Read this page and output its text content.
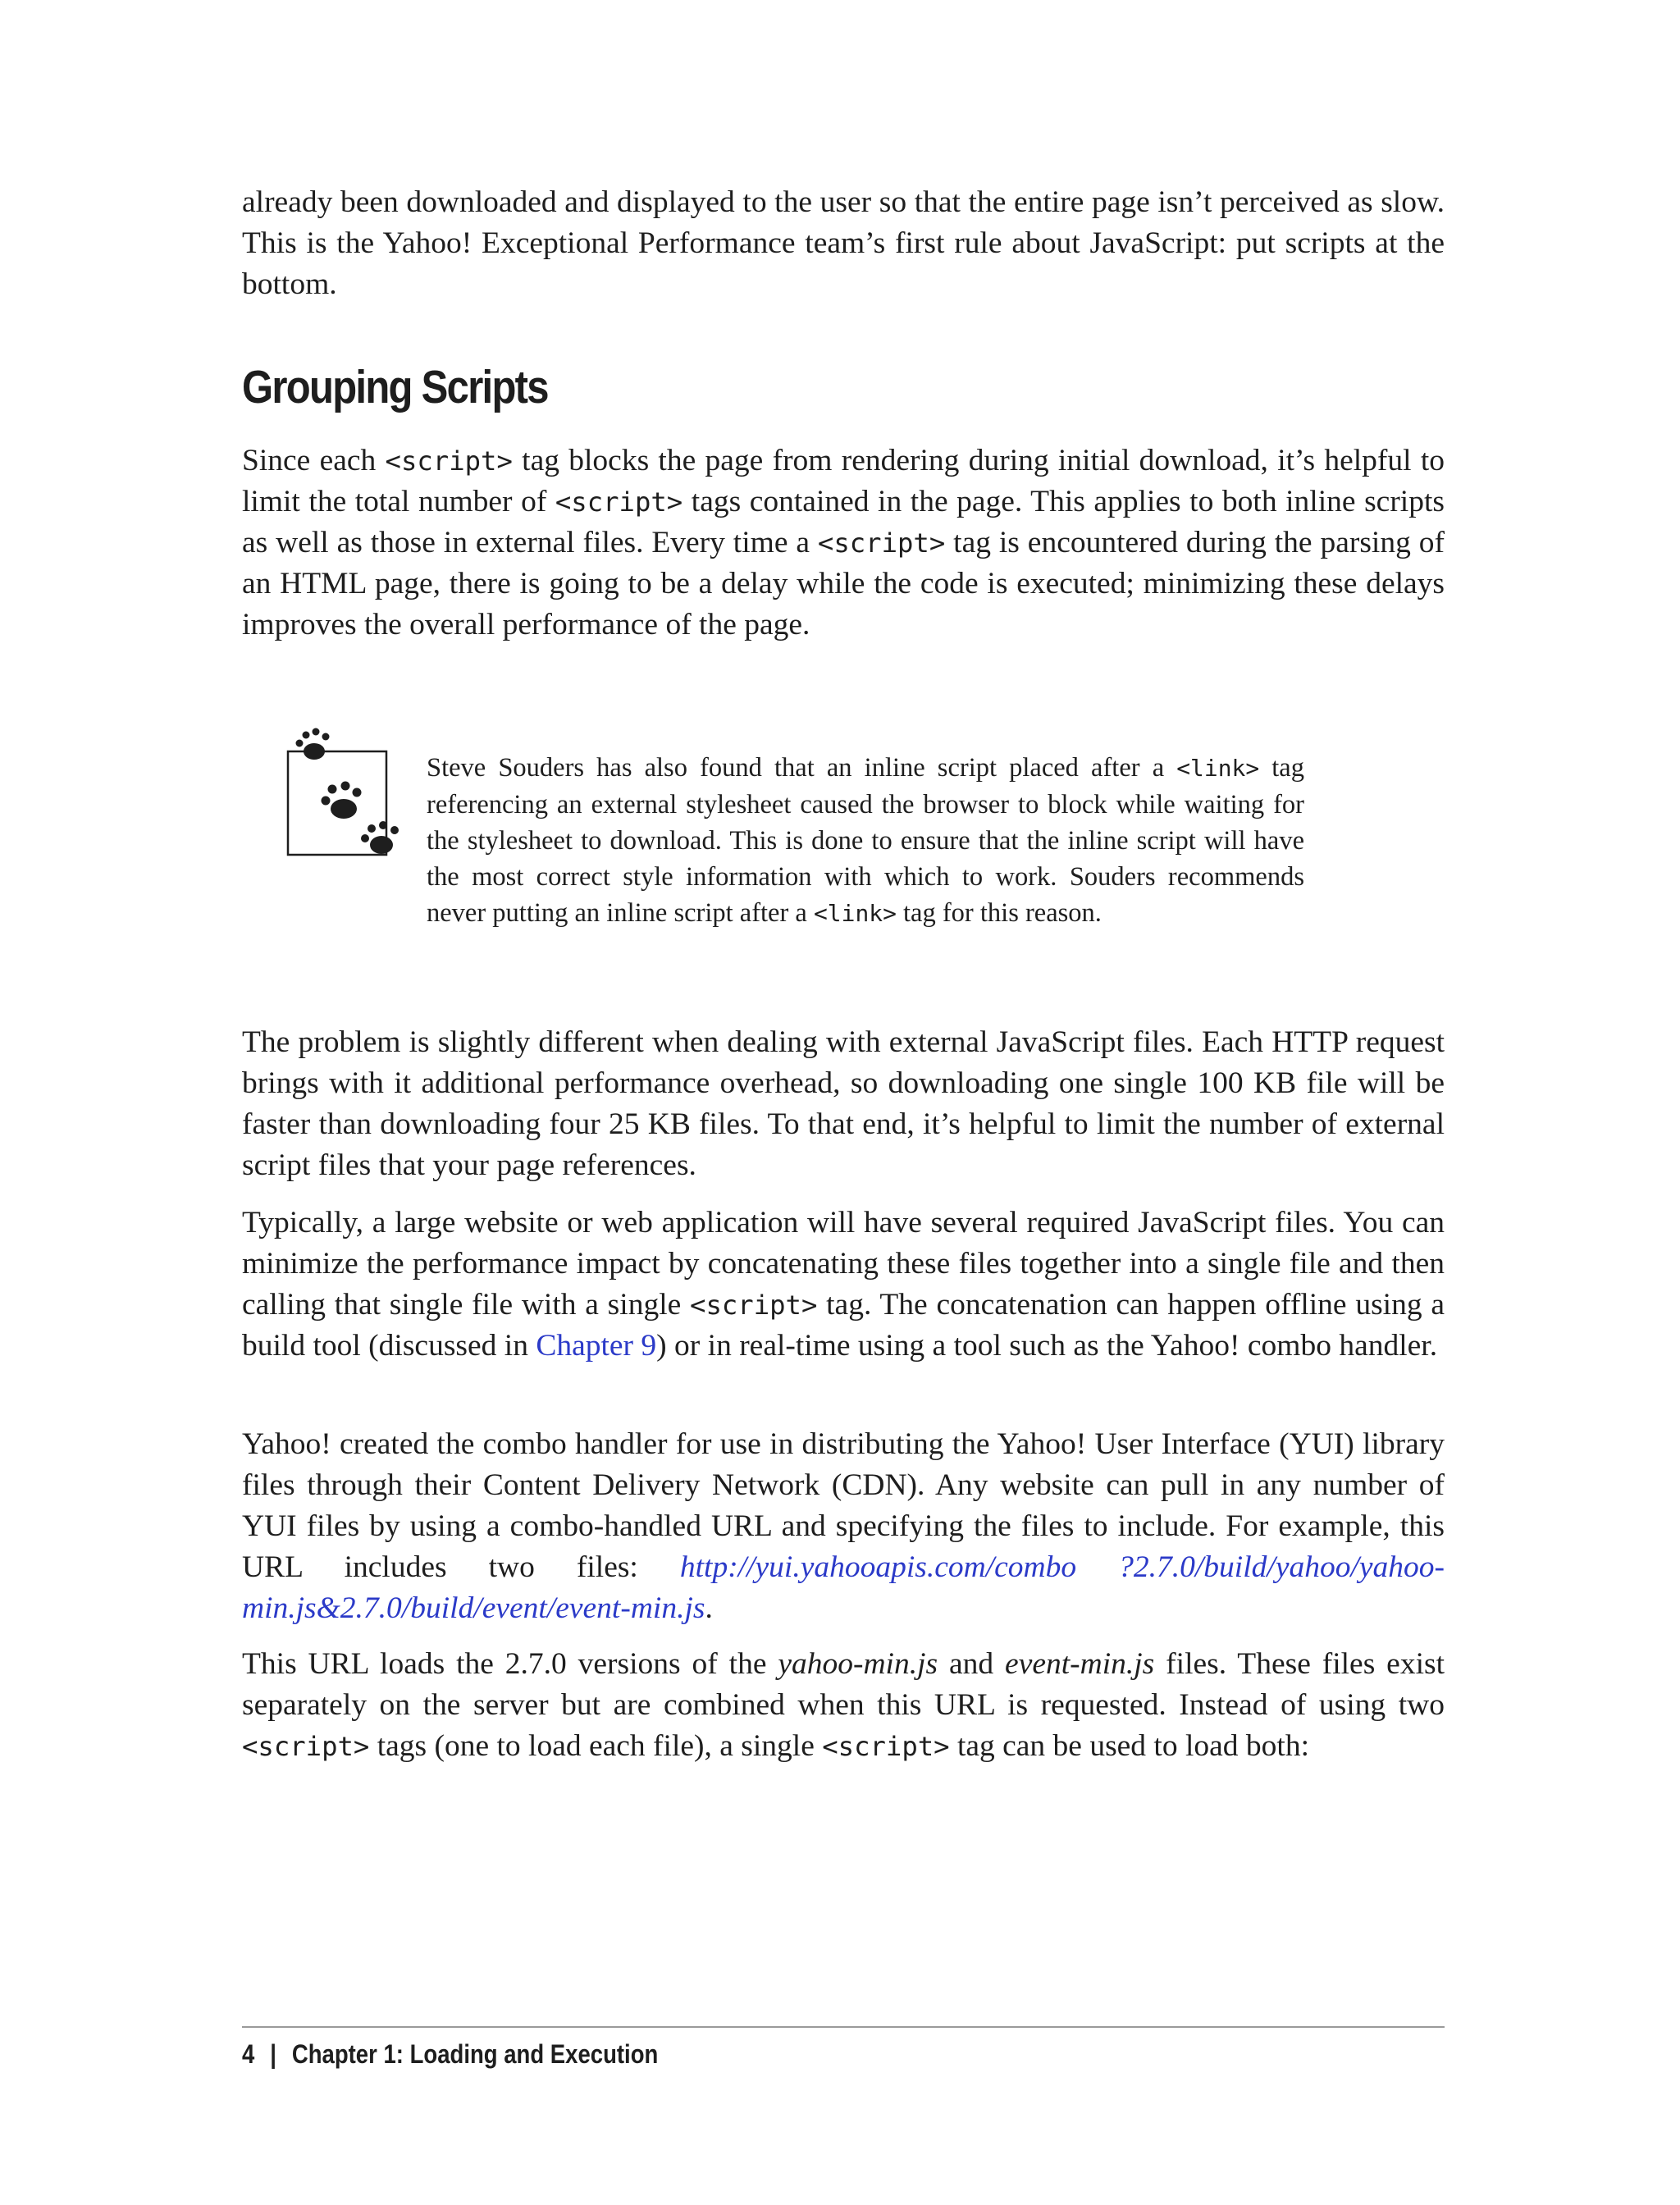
already been downloaded and displayed to the user so that the entire page isn’t perceived as slow. This is the Yahoo! Exceptional Performance team’s first rule about JavaScript: put scripts at the bottom.

Grouping Scripts

Since each <script> tag blocks the page from rendering during initial download, it’s helpful to limit the total number of <script> tags contained in the page. This applies to both inline scripts as well as those in external files. Every time a <script> tag is encountered during the parsing of an HTML page, there is going to be a delay while the code is executed; minimizing these delays improves the overall performance of the page.

Steve Souders has also found that an inline script placed after a <link> tag referencing an external stylesheet caused the browser to block while waiting for the stylesheet to download. This is done to ensure that the inline script will have the most correct style information with which to work. Souders recommends never putting an inline script after a <link> tag for this reason.

The problem is slightly different when dealing with external JavaScript files. Each HTTP request brings with it additional performance overhead, so downloading one single 100 KB file will be faster than downloading four 25 KB files. To that end, it’s helpful to limit the number of external script files that your page references.

Typically, a large website or web application will have several required JavaScript files. You can minimize the performance impact by concatenating these files together into a single file and then calling that single file with a single <script> tag. The concatenation can happen offline using a build tool (discussed in Chapter 9) or in real-time using a tool such as the Yahoo! combo handler.

Yahoo! created the combo handler for use in distributing the Yahoo! User Interface (YUI) library files through their Content Delivery Network (CDN). Any website can pull in any number of YUI files by using a combo-handled URL and specifying the files to include. For example, this URL includes two files: http://yui.yahooapis.com/combo ?2.7.0/build/yahoo/yahoo-min.js&2.7.0/build/event/event-min.js.

This URL loads the 2.7.0 versions of the yahoo-min.js and event-min.js files. These files exist separately on the server but are combined when this URL is requested. Instead of using two <script> tags (one to load each file), a single <script> tag can be used to load both:

4 | Chapter 1: Loading and Execution
